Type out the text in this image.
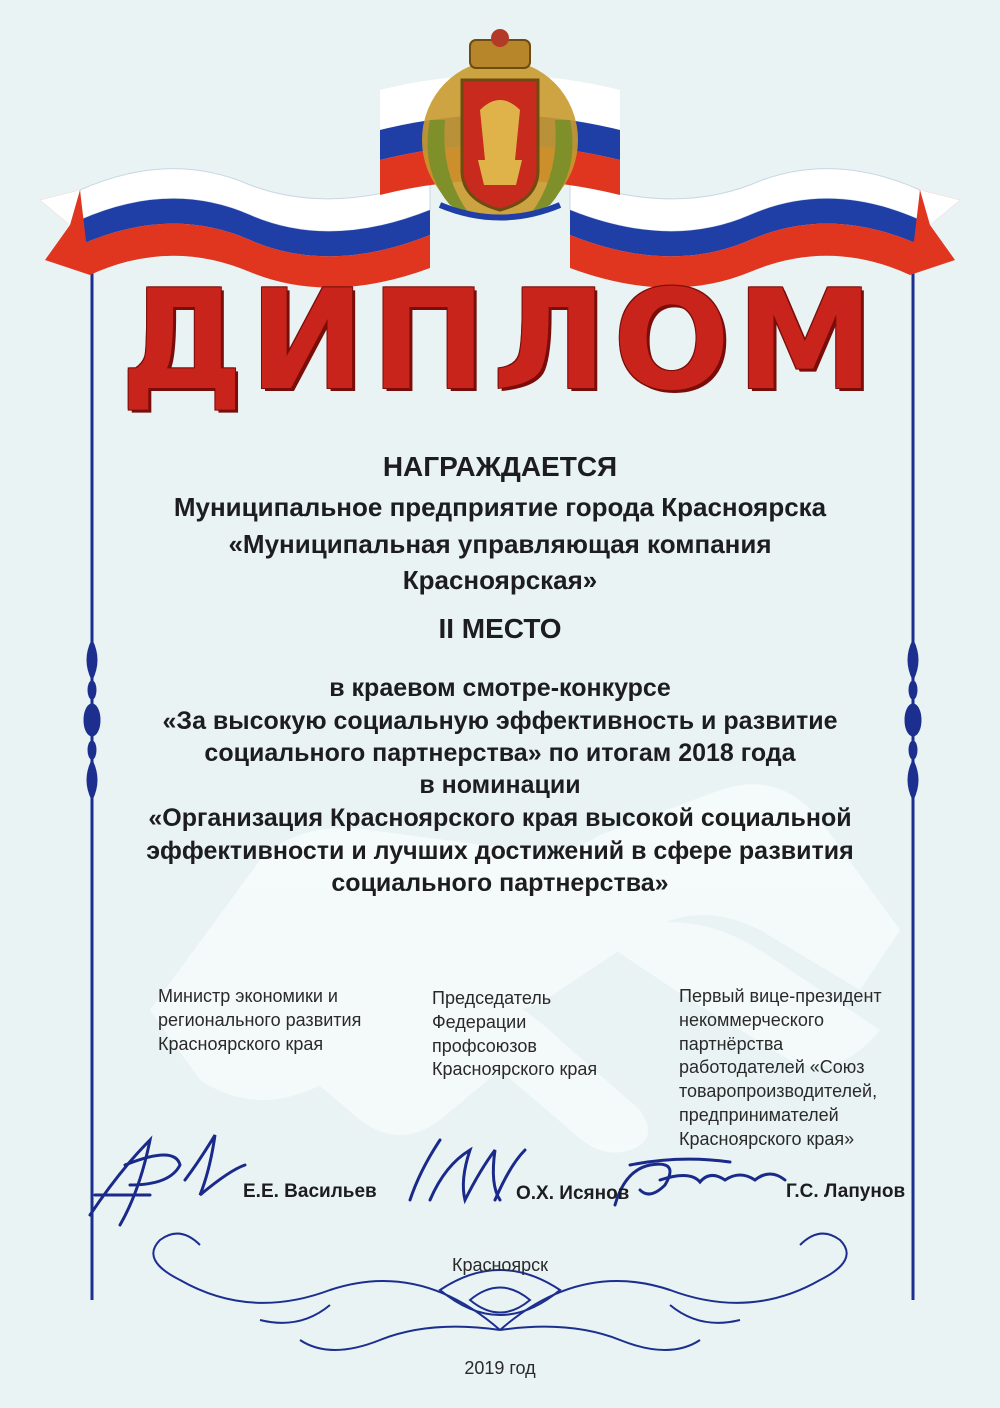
ДИПЛОМ
НАГРАЖДАЕТСЯ
Муниципальное предприятие города Красноярска
«Муниципальная управляющая компания
Красноярская»
II МЕСТО
в краевом смотре-конкурсе
«За высокую социальную эффективность и развитие
социального партнерства» по итогам 2018 года
в номинации
«Организация Красноярского края высокой социальной
эффективности и лучших достижений в сфере развития
социального партнерства»
Министр экономики и
регионального развития
Красноярского края
Е.Е. Васильев
Председатель
Федерации
профсоюзов
Красноярского края
О.Х. Исянов
Первый вице-президент
некоммерческого
партнёрства
работодателей «Союз
товаропроизводителей,
предпринимателей
Красноярского края»
Г.С. Лапунов
Красноярск
2019 год
